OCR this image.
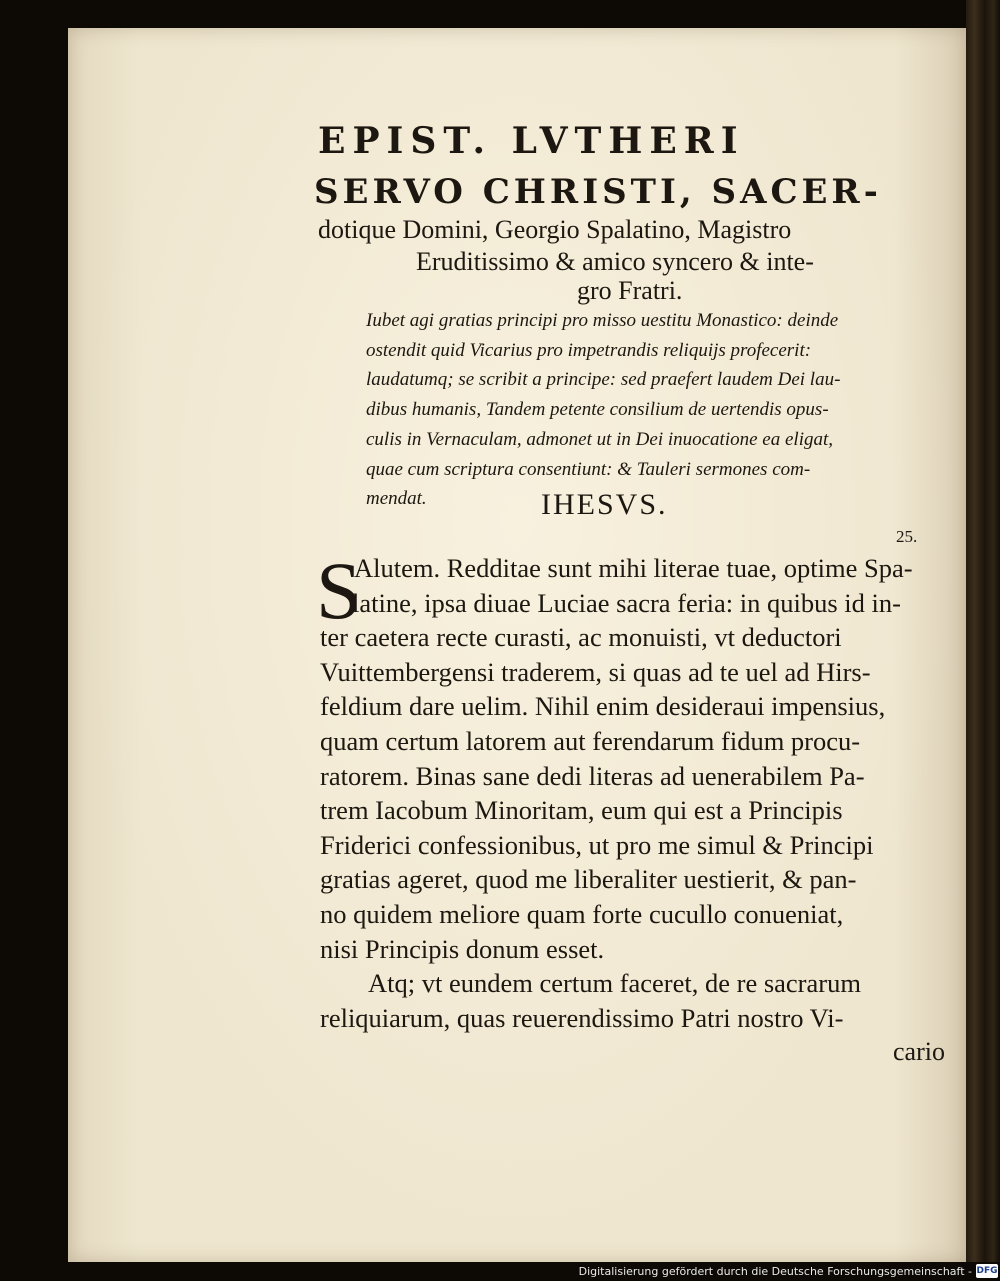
EPIST. LVTHERI
SERVO CHRISTI, SACER-

dotique Domini, Georgio Spalatino, Magistro

Eruditissimo & amico syncero & inte-

gro Fratri.

Iubet agi gratias principi pro misso uestitu Monastico: deinde
ostendit quid Vicarius pro impetrandis reliquijs profecerit:
laudatumq; se scribit a principe: sed praefert laudem Dei lau-
dibus humanis, Tandem petente consilium de uertendis opus-
culis in Vernaculam, admonet ut in Dei inuocatione ea eligat,
quae cum scriptura consentiunt: & Tauleri sermones com-
mendat.	IHESVS.

25.
S

Alutem. Redditae sunt mihi literae tuae, optime Spa-
latine, ipsa diuae Luciae sacra feria: in quibus id in-
ter caetera recte curasti, ac monuisti, vt deductori
Vuittembergensi traderem, si quas ad te uel ad Hirs-
feldium dare uelim. Nihil enim desideraui impensius,
quam certum latorem aut ferendarum fidum procu-
ratorem. Binas sane dedi literas ad uenerabilem Pa-
trem Iacobum Minoritam, eum qui est a Principis
Friderici confessionibus, ut pro me simul & Principi
gratias ageret, quod me liberaliter uestierit, & pan-
no quidem meliore quam forte cucullo conueniat,
nisi Principis donum esset.
Atq; vt eundem certum faceret, de re sacrarum
reliquiarum, quas reuerendissimo Patri nostro Vi-

cario
Digitalisierung gefördert durch die Deutsche Forschungsgemeinschaft - DFG
